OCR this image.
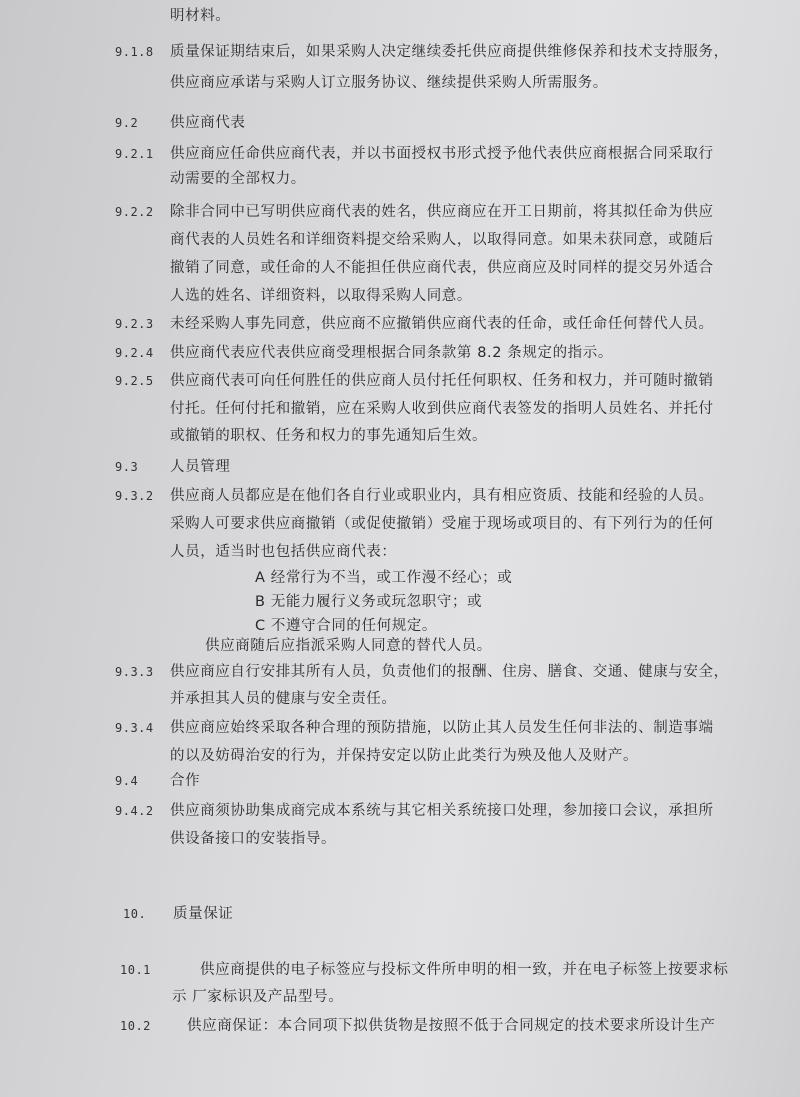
明材料。
9.1.8 质量保证期结束后，如果采购人决定继续委托供应商提供维修保养和技术支持服务，
供应商应承诺与采购人订立服务协议、继续提供采购人所需服务。
9.2 供应商代表
9.2.1 供应商应任命供应商代表，并以书面授权书形式授予他代表供应商根据合同采取行
动需要的全部权力。
9.2.2 除非合同中已写明供应商代表的姓名，供应商应在开工日期前，将其拟任命为供应
商代表的人员姓名和详细资料提交给采购人，以取得同意。如果未获同意，或随后
撤销了同意，或任命的人不能担任供应商代表，供应商应及时同样的提交另外适合
人选的姓名、详细资料，以取得采购人同意。
9.2.3 未经采购人事先同意，供应商不应撤销供应商代表的任命，或任命任何替代人员。
9.2.4 供应商代表应代表供应商受理根据合同条款第 8.2 条规定的指示。
9.2.5 供应商代表可向任何胜任的供应商人员付托任何职权、任务和权力，并可随时撤销
付托。任何付托和撤销，应在采购人收到供应商代表签发的指明人员姓名、并托付
或撤销的职权、任务和权力的事先通知后生效。
9.3 人员管理
9.3.2 供应商人员都应是在他们各自行业或职业内，具有相应资质、技能和经验的人员。
采购人可要求供应商撤销（或促使撤销）受雇于现场或项目的、有下列行为的任何
人员，适当时也包括供应商代表：
A 经常行为不当，或工作漫不经心；或
B 无能力履行义务或玩忽职守；或
C 不遵守合同的任何规定。
供应商随后应指派采购人同意的替代人员。
9.3.3 供应商应自行安排其所有人员，负责他们的报酬、住房、膳食、交通、健康与安全，
并承担其人员的健康与安全责任。
9.3.4 供应商应始终采取各种合理的预防措施，以防止其人员发生任何非法的、制造事端
的以及妨碍治安的行为，并保持安定以防止此类行为殃及他人及财产。
9.4 合作
9.4.2 供应商须协助集成商完成本系统与其它相关系统接口处理，参加接口会议，承担所
供设备接口的安装指导。
10. 质量保证
10.1	供应商提供的电子标签应与投标文件所申明的相一致，并在电子标签上按要求标
示 厂家标识及产品型号。
10.2 供应商保证：本合同项下拟供货物是按照不低于合同规定的技术要求所设计生产
